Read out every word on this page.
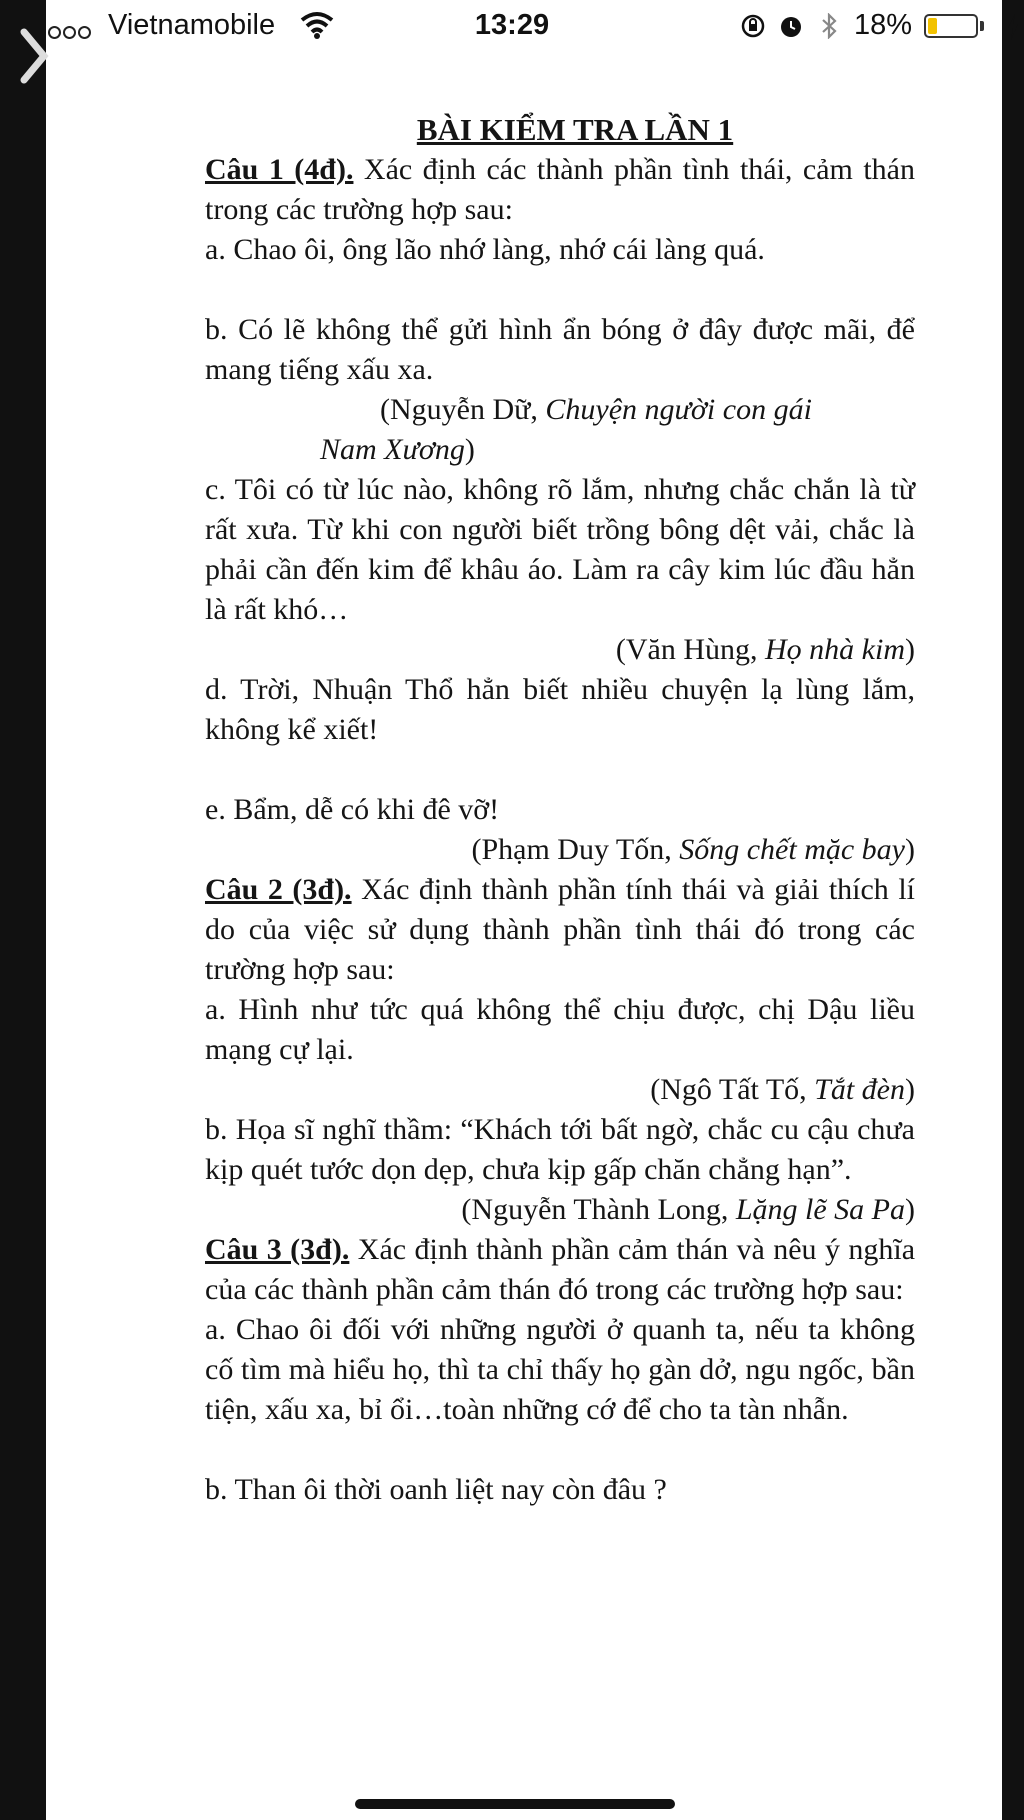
Vietnamobile	13:29	18%
BÀI KIỂM TRA LẦN 1

Câu 1 (4đ). Xác định các thành phần tình thái, cảm thán trong các trường hợp sau:

a. Chao ôi, ông lão nhớ làng, nhớ cái làng quá.

b. Có lẽ không thể gửi hình ẩn bóng ở đây được mãi, để mang tiếng xấu xa.

(Nguyễn Dữ, Chuyện người con gái

Nam Xương)

c. Tôi có từ lúc nào, không rõ lắm, nhưng chắc chắn là từ rất xưa. Từ khi con người biết trồng bông dệt vải, chắc là phải cần đến kim để khâu áo. Làm ra cây kim lúc đầu hẳn là rất khó…

(Văn Hùng, Họ nhà kim)

d. Trời, Nhuận Thổ hẳn biết nhiều chuyện lạ lùng lắm, không kể xiết!

e. Bẩm, dễ có khi đê vỡ!

(Phạm Duy Tốn, Sống chết mặc bay)

Câu 2 (3đ). Xác định thành phần tính thái và giải thích lí do của việc sử dụng thành phần tình thái đó trong các trường hợp sau:

a. Hình như tức quá không thể chịu được, chị Dậu liều mạng cự lại.

(Ngô Tất Tố, Tắt đèn)

b. Họa sĩ nghĩ thầm: “Khách tới bất ngờ, chắc cu cậu chưa kịp quét tước dọn dẹp, chưa kịp gấp chăn chẳng hạn”.

(Nguyễn Thành Long, Lặng lẽ Sa Pa)

Câu 3 (3đ). Xác định thành phần cảm thán và nêu ý nghĩa của các thành phần cảm thán đó trong các trường hợp sau:

a. Chao ôi đối với những người ở quanh ta, nếu ta không cố tìm mà hiểu họ, thì ta chỉ thấy họ gàn dở, ngu ngốc, bần tiện, xấu xa, bỉ ổi…toàn những cớ để cho ta tàn nhẫn.

b. Than ôi thời oanh liệt nay còn đâu ?
